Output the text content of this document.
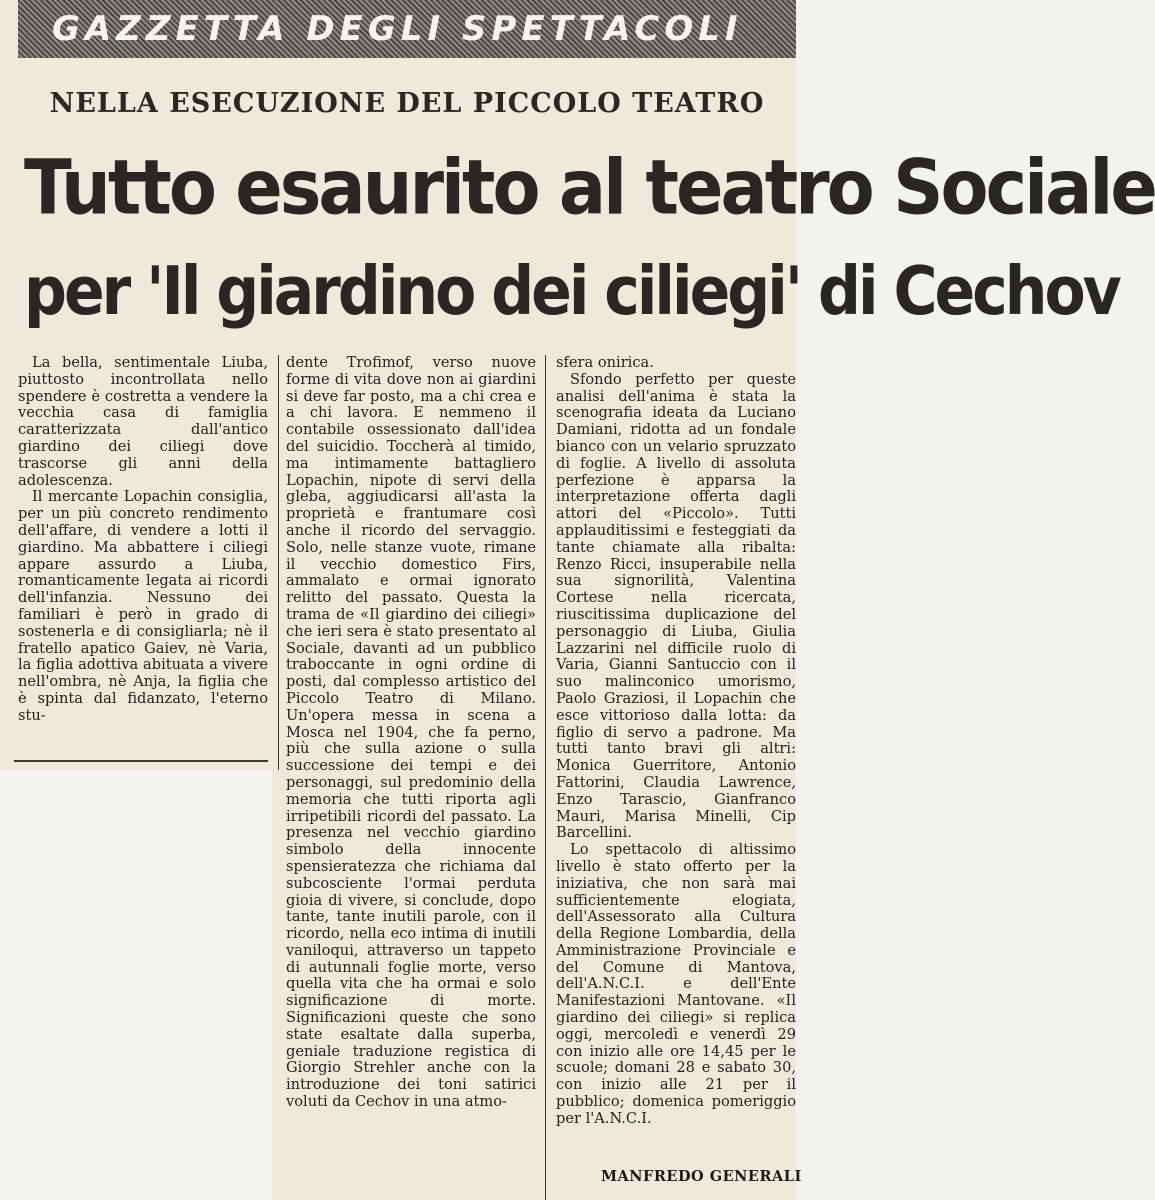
GAZZETTA DEGLI SPETTACOLI
NELLA ESECUZIONE DEL PICCOLO TEATRO
Tutto esaurito al teatro Sociale
per 'Il giardino dei ciliegi' di Cechov

La bella, sentimentale Liuba, piuttosto incontrollata nello spendere è costretta a vendere la vecchia casa di famiglia caratterizzata dall'antico giardino dei ciliegi dove trascorse gli anni della adolescenza.

Il mercante Lopachin consiglia, per un più concreto rendimento dell'affare, di vendere a lotti il giardino. Ma abbattere i ciliegi appare assurdo a Liuba, romanticamente legata ai ricordi dell'infanzia. Nessuno dei familiari è però in grado di sostenerla e di consigliarla; nè il fratello apatico Gaiev, nè Varia, la figlia adottiva abituata a vivere nell'ombra, nè Anja, la figlia che è spinta dal fidanzato, l'eterno stu-

dente Trofimof, verso nuove forme di vita dove non ai giardini si deve far posto, ma a chi crea e a chi lavora. E nemmeno il contabile ossessionato dall'idea del suicidio. Toccherà al timido, ma intimamente battagliero Lopachin, nipote di servi della gleba, aggiudicarsi all'asta la proprietà e frantumare così anche il ricordo del servaggio. Solo, nelle stanze vuote, rimane il vecchio domestico Firs, ammalato e ormai ignorato relitto del passato. Questa la trama de «Il giardino dei ciliegi» che ieri sera è stato presentato al Sociale, davanti ad un pubblico traboccante in ogni ordine di posti, dal complesso artistico del Piccolo Teatro di Milano. Un'opera messa in scena a Mosca nel 1904, che fa perno, più che sulla azione o sulla successione dei tempi e dei personaggi, sul predominio della memoria che tutti riporta agli irripetibili ricordi del passato. La presenza nel vecchio giardino simbolo della innocente spensieratezza che richiama dal subcosciente l'ormai perduta gioia di vivere, si conclude, dopo tante, tante inutili parole, con il ricordo, nella eco intima di inutili vaniloqui, attraverso un tappeto di autunnali foglie morte, verso quella vita che ha ormai e solo significazione di morte. Significazioni queste che sono state esaltate dalla superba, geniale traduzione registica di Giorgio Strehler anche con la introduzione dei toni satirici voluti da Cechov in una atmo-

sfera onirica.

Sfondo perfetto per queste analisi dell'anima è stata la scenografia ideata da Luciano Damiani, ridotta ad un fondale bianco con un velario spruzzato di foglie. A livello di assoluta perfezione è apparsa la interpretazione offerta dagli attori del «Piccolo». Tutti applauditissimi e festeggiati da tante chiamate alla ribalta: Renzo Ricci, insuperabile nella sua signorilità, Valentina Cortese nella ricercata, riuscitissima duplicazione del personaggio di Liuba, Giulia Lazzarini nel difficile ruolo di Varia, Gianni Santuccio con il suo malinconico umorismo, Paolo Graziosi, il Lopachin che esce vittorioso dalla lotta: da figlio di servo a padrone. Ma tutti tanto bravi gli altri: Monica Guerritore, Antonio Fattorini, Claudia Lawrence, Enzo Tarascio, Gianfranco Mauri, Marisa Minelli, Cip Barcellini.

Lo spettacolo di altissimo livello è stato offerto per la iniziativa, che non sarà mai sufficientemente elogiata, dell'Assessorato alla Cultura della Regione Lombardia, della Amministrazione Provinciale e del Comune di Mantova, dell'A.N.C.I. e dell'Ente Manifestazioni Mantovane. «Il giardino dei ciliegi» si replica oggi, mercoledì e venerdì 29 con inizio alle ore 14,45 per le scuole; domani 28 e sabato 30, con inizio alle 21 per il pubblico; domenica pomeriggio per l'A.N.C.I.

MANFREDO GENERALI
